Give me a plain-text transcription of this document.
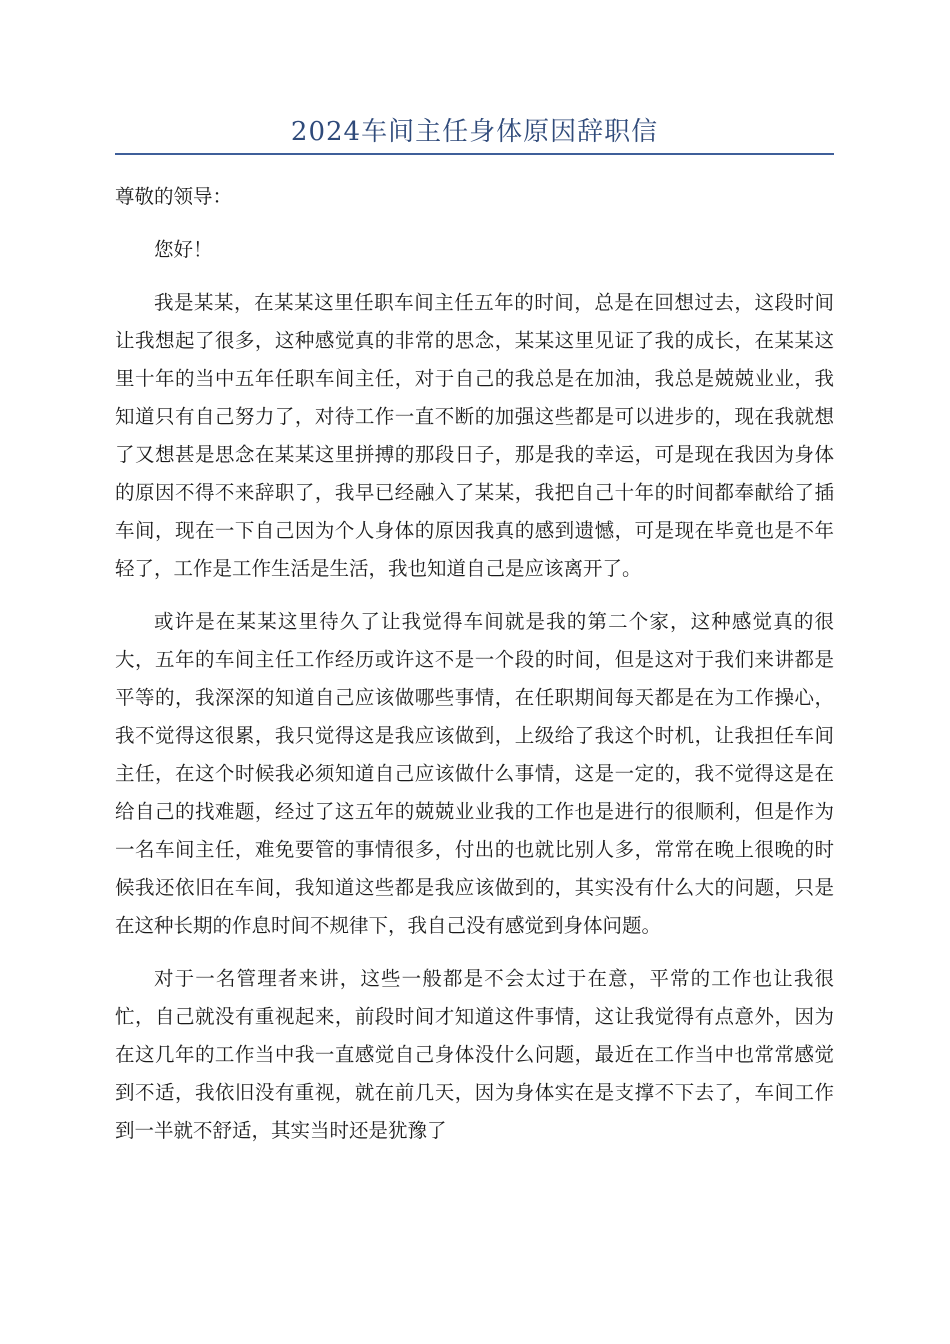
2024车间主任身体原因辞职信

尊敬的领导：

您好！

我是某某，在某某这里任职车间主任五年的时间，总是在回想过去，这段时间让我想起了很多，这种感觉真的非常的思念，某某这里见证了我的成长，在某某这里十年的当中五年任职车间主任，对于自己的我总是在加油，我总是兢兢业业，我知道只有自己努力了，对待工作一直不断的加强这些都是可以进步的，现在我就想了又想甚是思念在某某这里拼搏的那段日子，那是我的幸运，可是现在我因为身体的原因不得不来辞职了，我早已经融入了某某，我把自己十年的时间都奉献给了插车间，现在一下自己因为个人身体的原因我真的感到遗憾，可是现在毕竟也是不年轻了，工作是工作生活是生活，我也知道自己是应该离开了。

或许是在某某这里待久了让我觉得车间就是我的第二个家，这种感觉真的很大，五年的车间主任工作经历或许这不是一个段的时间，但是这对于我们来讲都是平等的，我深深的知道自己应该做哪些事情，在任职期间每天都是在为工作操心，我不觉得这很累，我只觉得这是我应该做到，上级给了我这个时机，让我担任车间主任，在这个时候我必须知道自己应该做什么事情，这是一定的，我不觉得这是在给自己的找难题，经过了这五年的兢兢业业我的工作也是进行的很顺利，但是作为一名车间主任，难免要管的事情很多，付出的也就比别人多，常常在晚上很晚的时候我还依旧在车间，我知道这些都是我应该做到的，其实没有什么大的问题，只是在这种长期的作息时间不规律下，我自己没有感觉到身体问题。

对于一名管理者来讲，这些一般都是不会太过于在意，平常的工作也让我很忙，自己就没有重视起来，前段时间才知道这件事情，这让我觉得有点意外，因为在这几年的工作当中我一直感觉自己身体没什么问题，最近在工作当中也常常感觉到不适，我依旧没有重视，就在前几天，因为身体实在是支撑不下去了，车间工作到一半就不舒适，其实当时还是犹豫了
